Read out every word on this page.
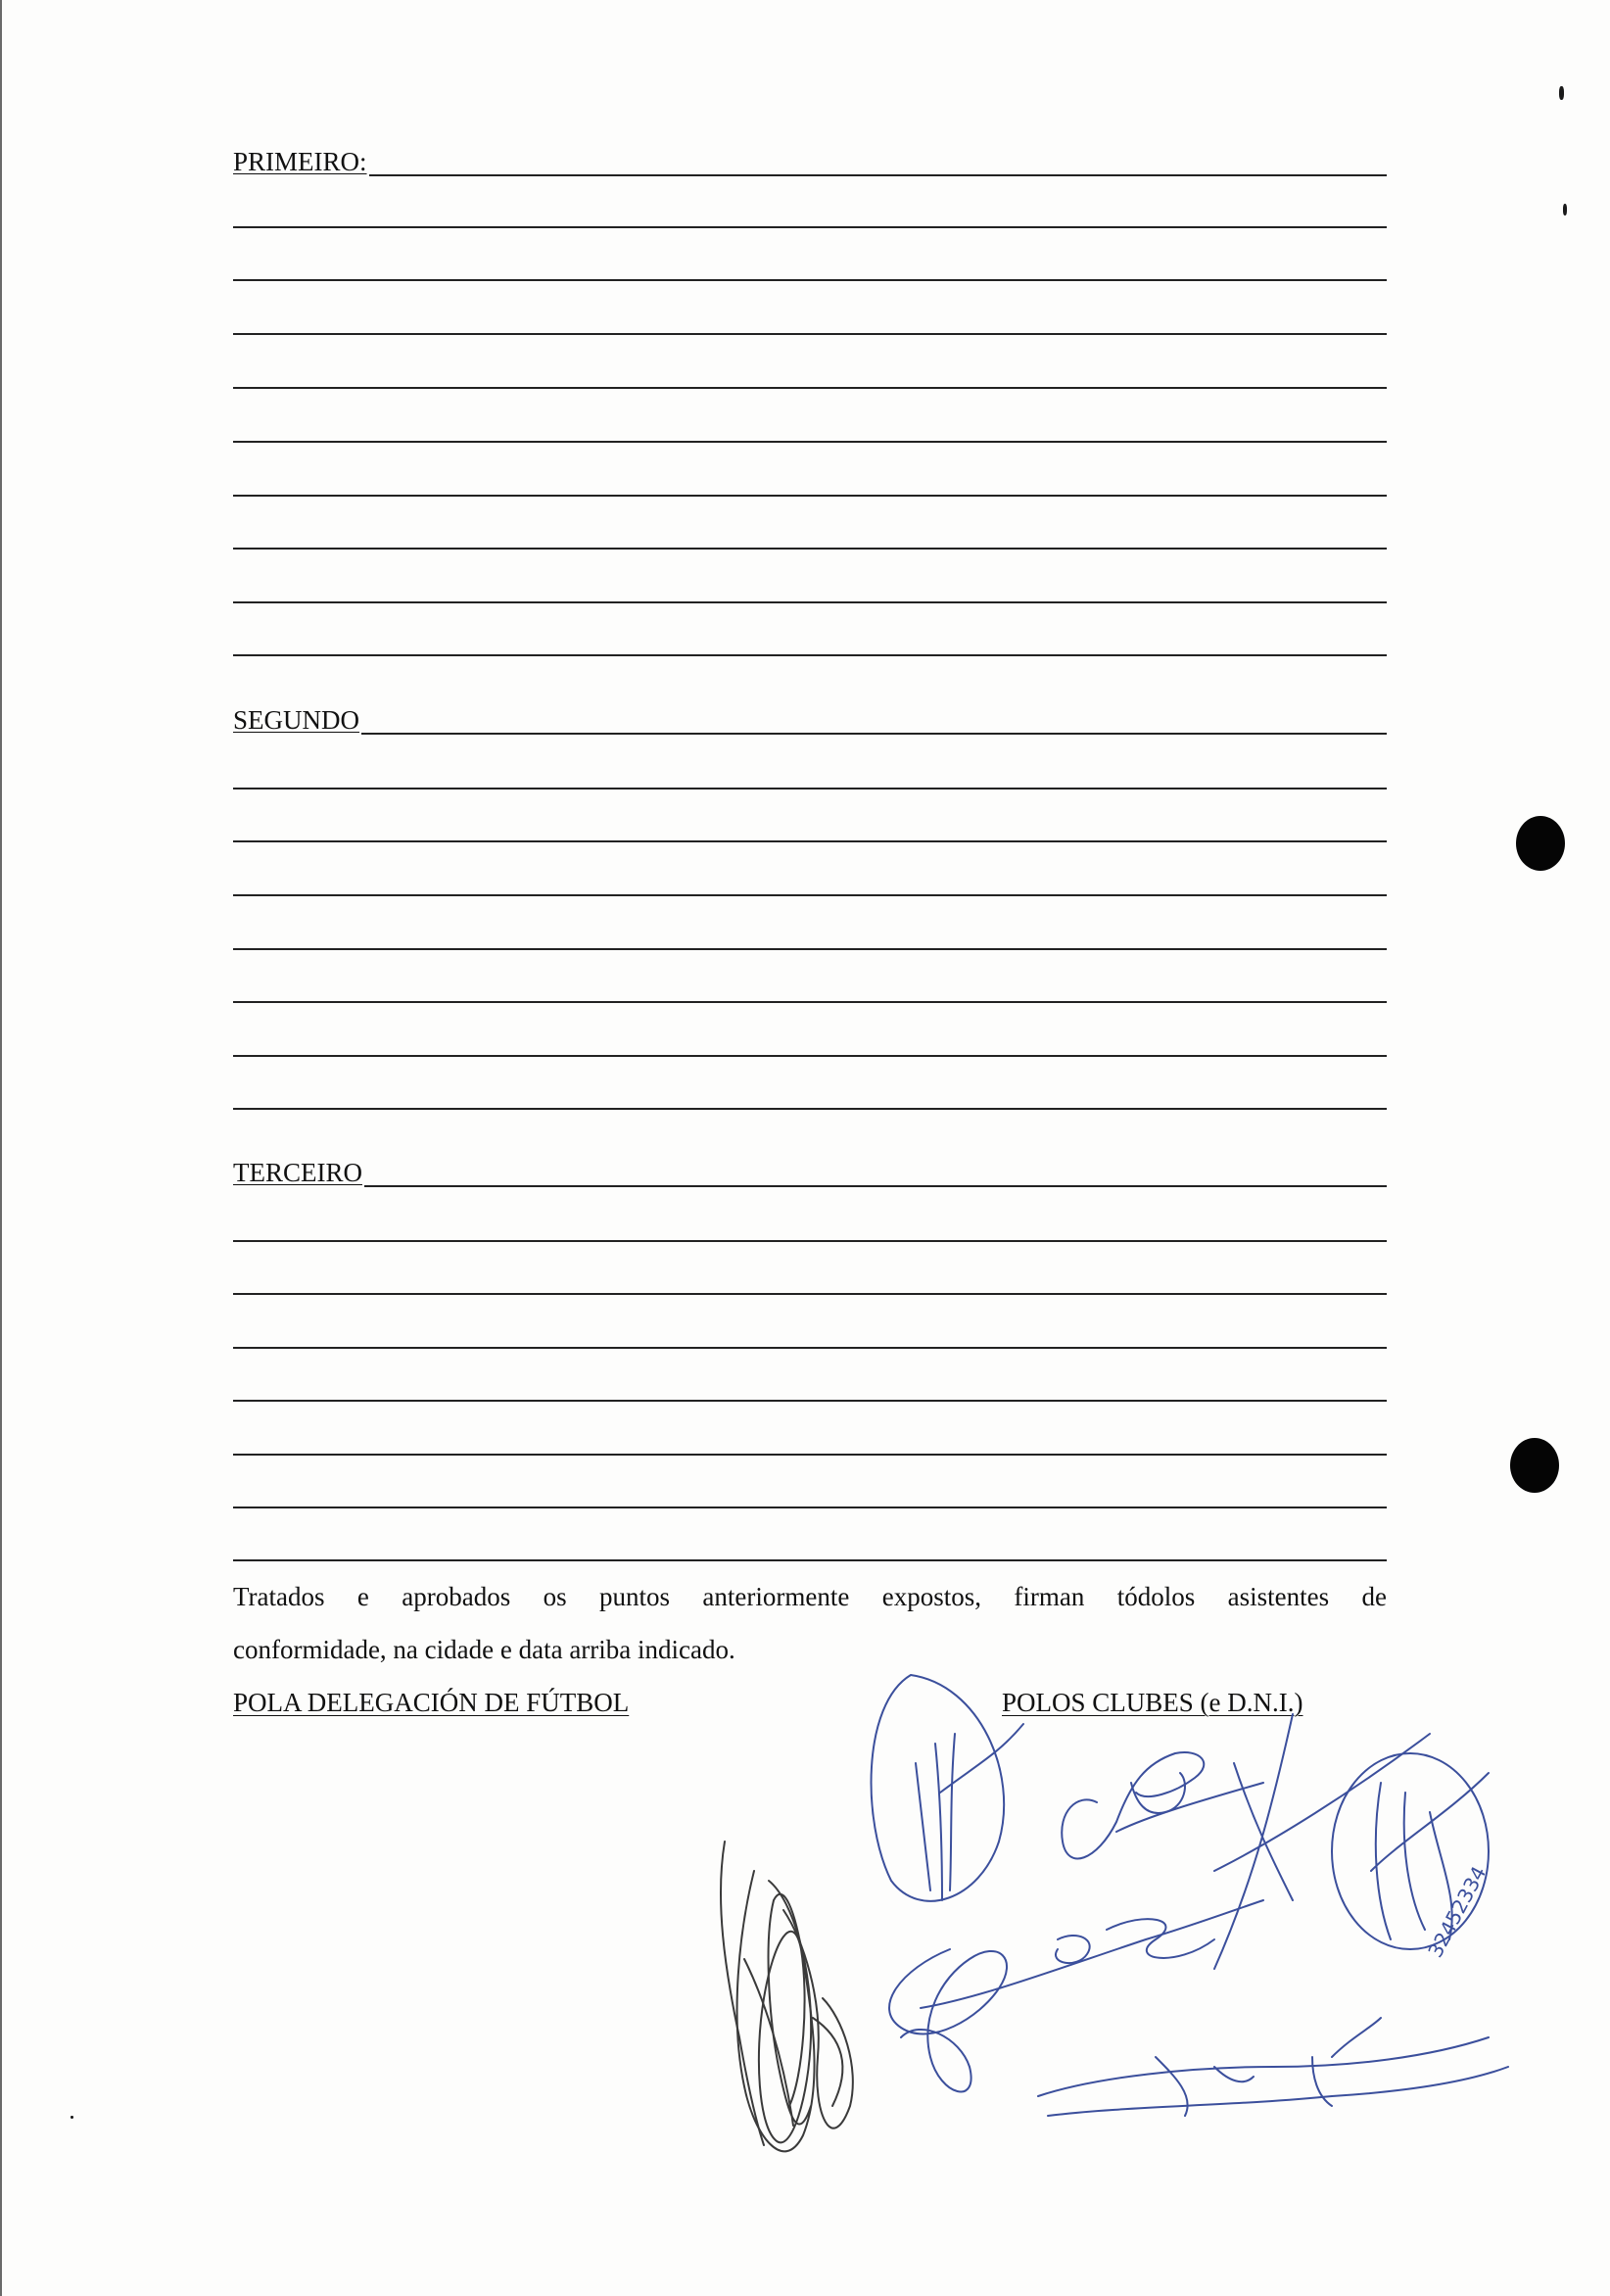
PRIMEIRO:
SEGUNDO
TERCEIRO
Tratados e aprobados os puntos anteriormente expostos, firman tódolos asistentes de
conformidade, na cidade e data arriba indicado.
POLA DELEGACIÓN DE FÚTBOL	POLOS CLUBES (e D.N.I.)
32452334
